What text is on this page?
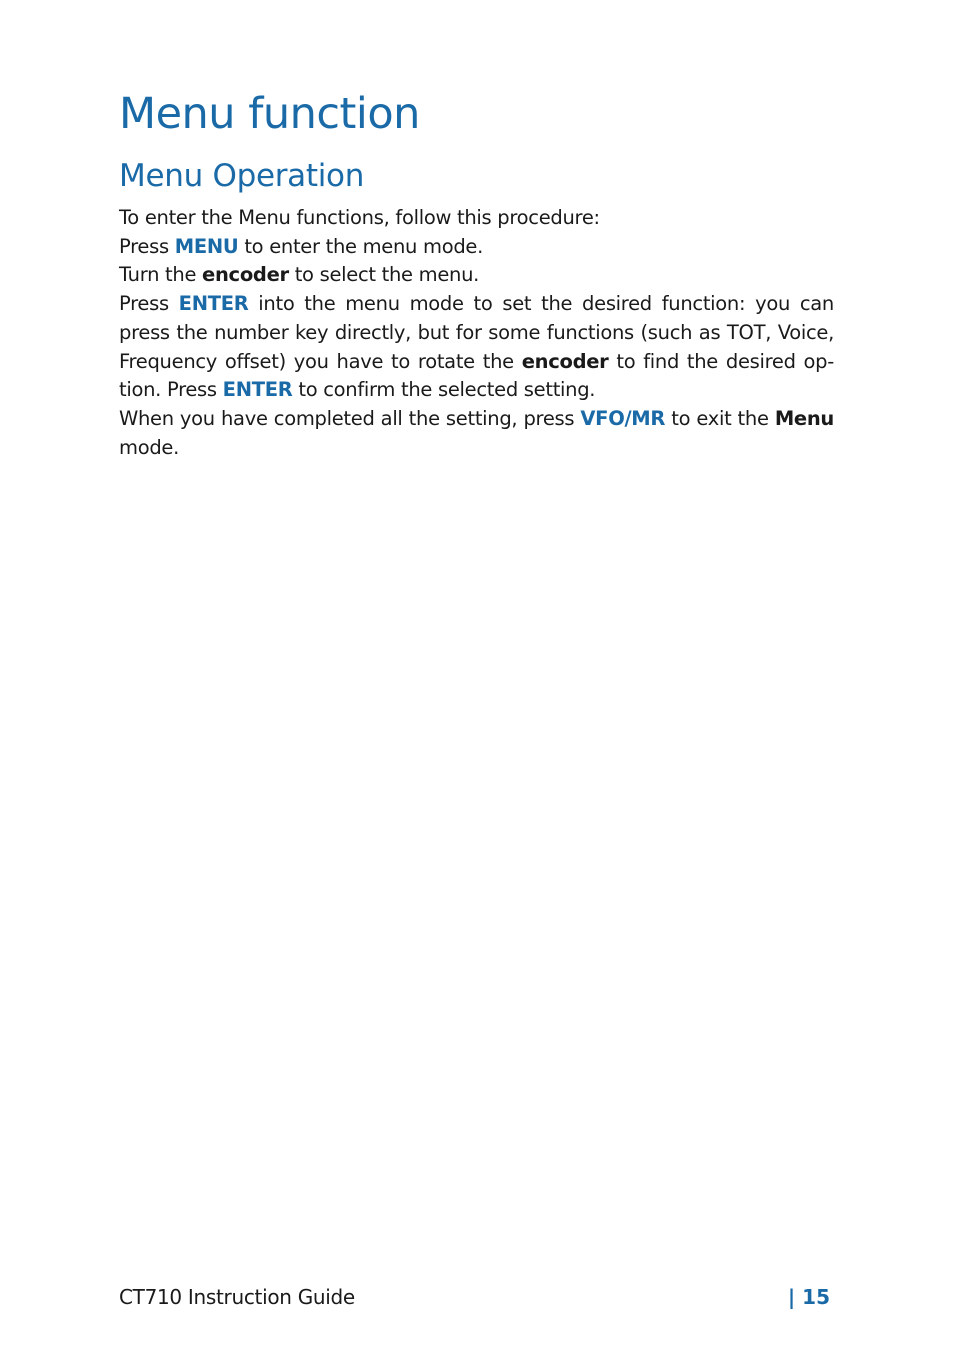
Menu function
Menu Operation

To enter the Menu functions, follow this procedure:

Press MENU to enter the menu mode.

Turn the encoder to select the menu.

Press ENTER into the menu mode to set the desired function: you can press the number key directly, but for some functions (such as TOT, Voice, Frequency offset) you have to rotate the encoder to find the desired op- tion. Press ENTER to confirm the selected setting.

When you have completed all the setting, press VFO/MR to exit the Menu mode.

CT710 Instruction Guide	| 15
